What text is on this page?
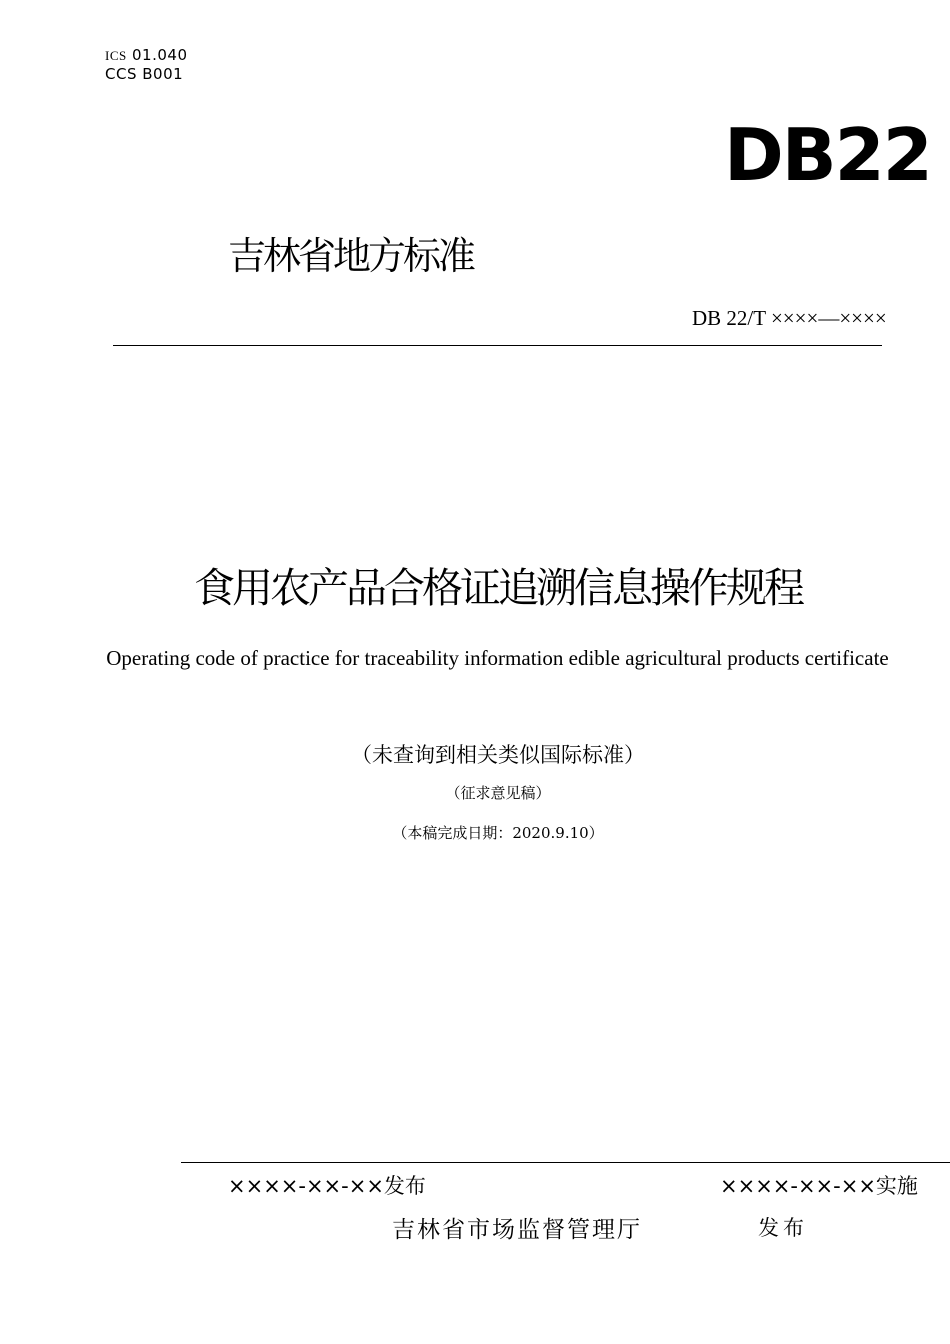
ICS 01.040
CCS B001
DB22
吉林省地方标准
DB 22/T ××××—××××
食用农产品合格证追溯信息操作规程
Operating code of practice for traceability information edible agricultural products certificate
（未查询到相关类似国际标准）
（征求意见稿）
（本稿完成日期：2020.9.10）
××××-××-××发布	××××-××-××实施
吉林省市场监督管理厅	发布
